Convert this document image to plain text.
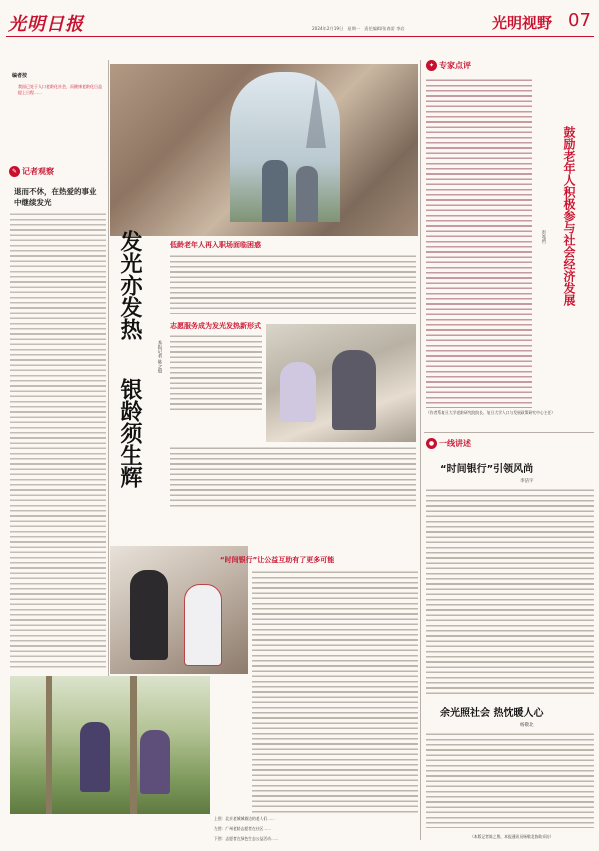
光明日报	2024年2月19日　星期一　责任编辑/张春雷 李岩	光明视野 07
编者按
我国已处于人口老龄化社会，而健康老龄化日益提上日程……
✎ 记者观察
退而不休，在热爱的事业中继续发光
发光亦发热
银龄须生辉
本报记者 陈之殷
低龄老年人再入职场面临困惑
志愿服务成为发光发热新形式
“时间银行”让公益互助有了更多可能
上图：北京老城城墙边的老人们……
左图：广州老龄志愿者在社区……
下图：志愿者在绿色生态公益活动……
✦ 专家点评
鼓励老年人积极参与社会经济发展
彭希哲
（作者系复旦大学老龄研究院院长、复旦大学人口与发展政策研究中心主任）
● 一线讲述
“时间银行”引领风尚
李洁宇
余光照社会 热忱暖人心
杨敬北
（本版记者陈之殷、本报通讯员杨敬北协助采访）
